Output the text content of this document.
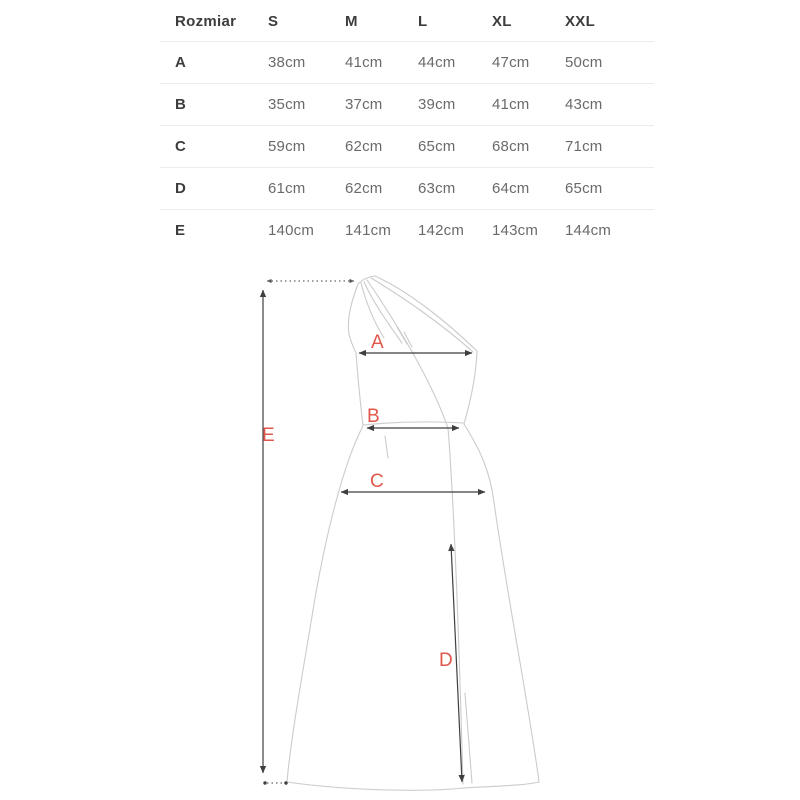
Rozmiar	S	M	L	XL	XXL
A	38cm	41cm	44cm	47cm	50cm
B	35cm	37cm	39cm	41cm	43cm
C	59cm	62cm	65cm	68cm	71cm
D	61cm	62cm	63cm	64cm	65cm
E	140cm	141cm	142cm	143cm	144cm
A
B
C
D
E
